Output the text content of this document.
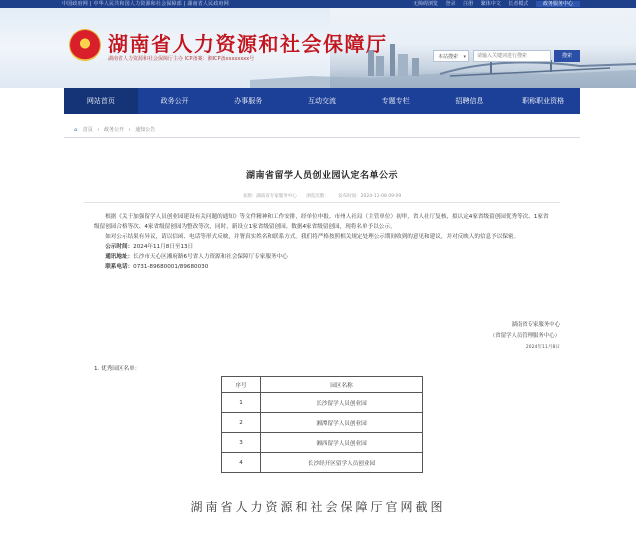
中国政府网 | 中华人民共和国人力资源和社会保障部 | 湖南省人民政府网	无障碍浏览 登录 注册 繁体中文 长者模式	政务服务中心
湖南省人力资源和社会保障厅
湖南省人力资源和社会保障厅主办 ICP备案：湘ICP备xxxxxxxx号	本站搜索 ▾
请输入关键词进行搜索	搜索
网站首页	政务公开	办事服务	互动交流	专题专栏	招聘信息	职称职业资格
⌂ 首页 › 政务公开 › 通知公告
湖南省留学人员创业园认定名单公示
来源：湖南省专家服务中心 浏览次数： 发布时间：2024-11-08 09:09

根据《关于加强留学人员创业园建设有关问题的通知》等文件精神和工作安排，经单位申报、市州人社局（主管单位）初审，省人社厅复核，拟认定4家省级留创园优秀等次、1家省级留创园合格等次、4家省级留创园为整改等次，同时，新设立1家省级留创园。数据4家省级留创园，现将名单予以公示。

如对公示结果有异议，请以信函、电话等形式反映，并署真实姓名和联系方式。我们将严格按照相关规定处理公示期间收到的意见和建议，并对反映人的信息予以保密。

公示时间：2024年11月8日至13日

通讯地址：长沙市天心区湘府路6号省人力资源和社会保障厅专家服务中心

联系电话：0731-89680001/89680030

湖南省专家服务中心
（省留学人员管理服务中心）
2024年11月8日
1. 优秀园区名单：
序号	园区名称
1	长沙留学人员创业园
2	湘潭留学人员创业园
3	湘西留学人员创业园
4	长沙经开区留学人员创业园
湖南省人力资源和社会保障厅官网截图
